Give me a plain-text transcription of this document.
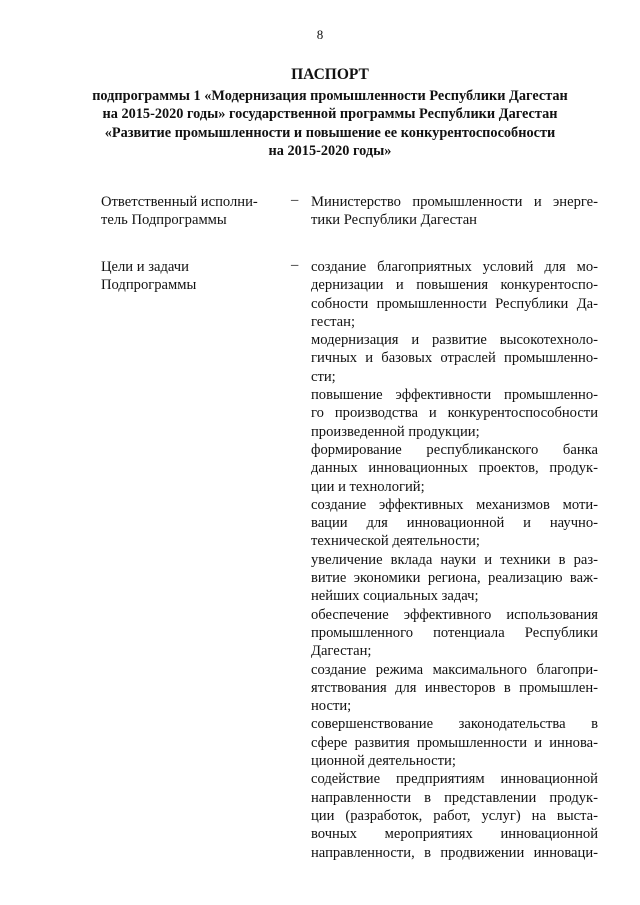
8
ПАСПОРТ
подпрограммы 1 «Модернизация промышленности Республики Дагестан
на 2015-2020 годы» государственной программы Республики Дагестан
«Развитие промышленности и повышение ее конкурентоспособности
на 2015-2020 годы»
Ответственный исполни-
тель Подпрограммы
– Министерство промышленности и энерге-
тики Республики Дагестан
Цели и задачи
Подпрограммы
– создание благоприятных условий для мо-
дернизации и повышения конкурентоспо-
собности промышленности Республики Да-
гестан;
модернизация и развитие высокотехноло-
гичных и базовых отраслей промышленно-
сти;
повышение эффективности промышленно-
го производства и конкурентоспособности
произведенной продукции;
формирование республиканского банка
данных инновационных проектов, продук-
ции и технологий;
создание эффективных механизмов моти-
вации для инновационной и научно-
технической деятельности;
увеличение вклада науки и техники в раз-
витие экономики региона, реализацию важ-
нейших социальных задач;
обеспечение эффективного использования
промышленного потенциала Республики
Дагестан;
создание режима максимального благопри-
ятствования для инвесторов в промышлен-
ности;
совершенствование законодательства в
сфере развития промышленности и иннова-
ционной деятельности;
содействие предприятиям инновационной
направленности в представлении продук-
ции (разработок, работ, услуг) на выста-
вочных мероприятиях инновационной
направленности, в продвижении инноваци-
